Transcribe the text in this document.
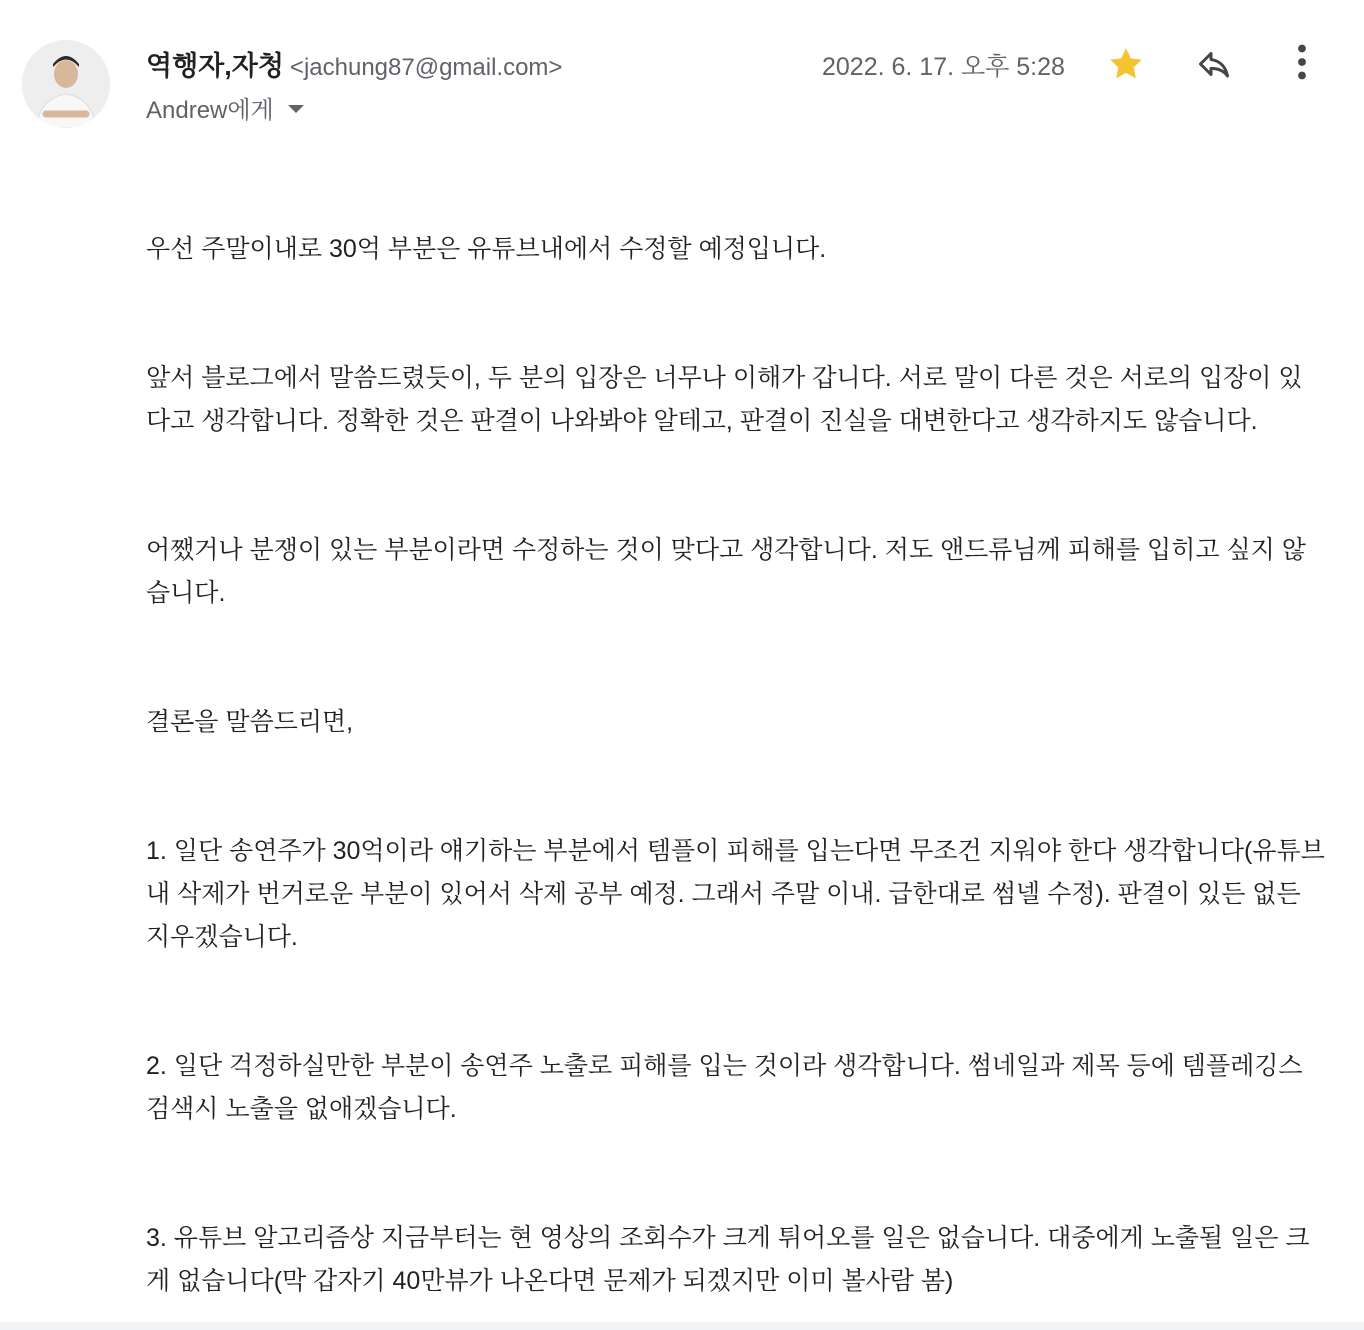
역행자,자청 <jachung87@gmail.com>
Andrew에게
2022. 6. 17. 오후 5:28

우선 주말이내로 30억 부분은 유튜브내에서 수정할 예정입니다.

앞서 블로그에서 말씀드렸듯이, 두 분의 입장은 너무나 이해가 갑니다. 서로 말이 다른 것은 서로의 입장이 있다고 생각합니다. 정확한 것은 판결이 나와봐야 알테고, 판결이 진실을 대변한다고 생각하지도 않습니다.

어쨌거나 분쟁이 있는 부분이라면 수정하는 것이 맞다고 생각합니다. 저도 앤드류님께 피해를 입히고 싶지 않습니다.

결론을 말씀드리면,

1. 일단 송연주가 30억이라 얘기하는 부분에서 템플이 피해를 입는다면 무조건 지워야 한다 생각합니다(유튜브내 삭제가 번거로운 부분이 있어서 삭제 공부 예정. 그래서 주말 이내. 급한대로 썸넬 수정). 판결이 있든 없든 지우겠습니다.

2. 일단 걱정하실만한 부분이 송연주 노출로 피해를 입는 것이라 생각합니다. 썸네일과 제목 등에 템플레깅스 검색시 노출을 없애겠습니다.

3. 유튜브 알고리즘상 지금부터는 현 영상의 조회수가 크게 튀어오를 일은 없습니다. 대중에게 노출될 일은 크게 없습니다(막 갑자기 40만뷰가 나온다면 문제가 되겠지만 이미 볼사람 봄)
